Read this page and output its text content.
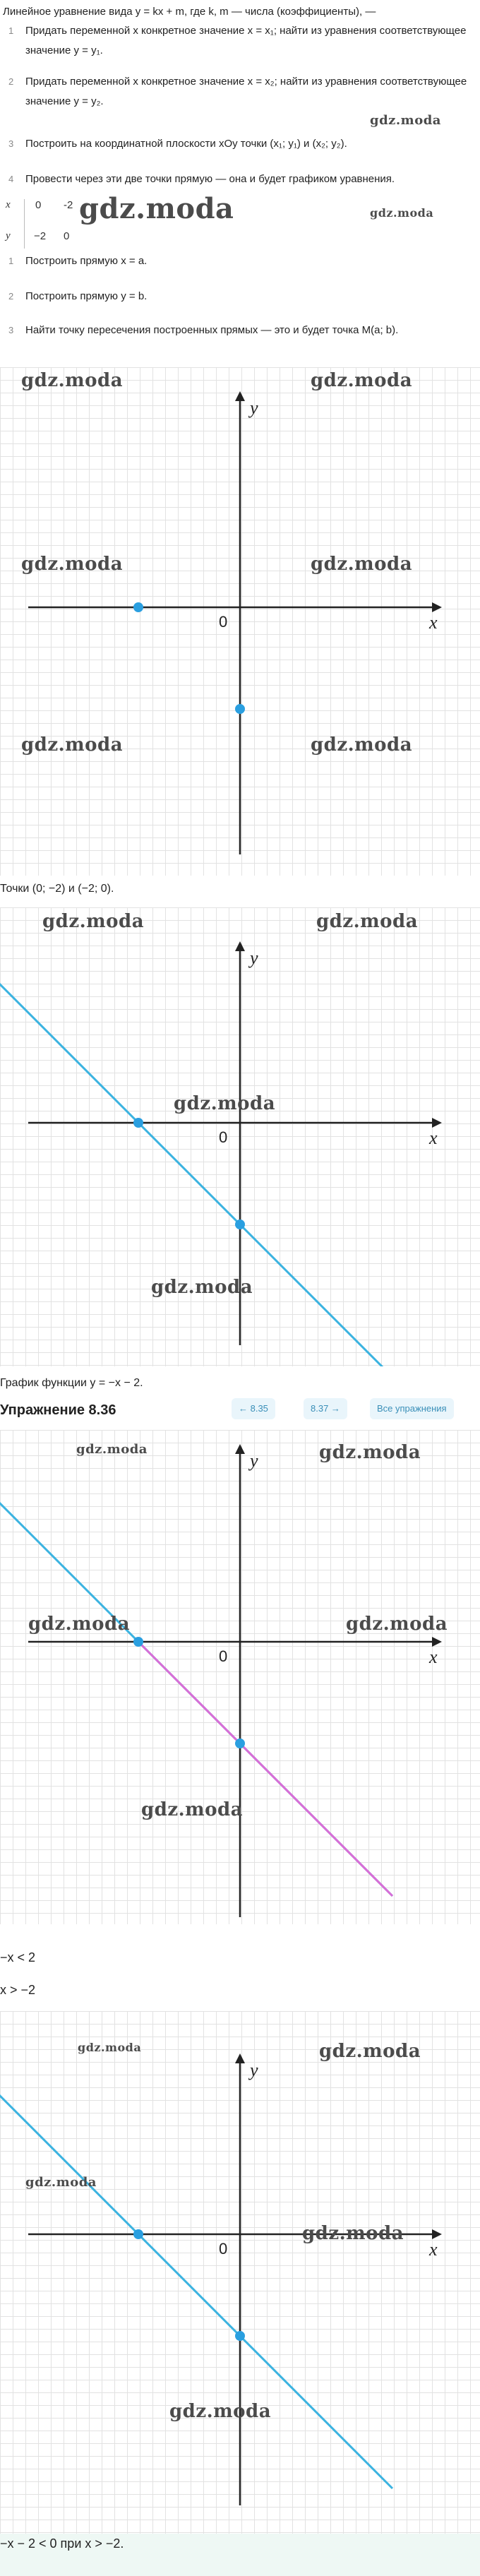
Линейное уравнение вида y = kx + m, где k, m — числа (коэффициенты), —
1	Придать переменной x конкретное значение x = x₁; найти из уравнения соответствующее значение y = y₁.
2	Придать переменной x конкретное значение x = x₂; найти из уравнения соответствующее значение y = y₂.
3	Построить на координатной плоскости xOy точки (x₁; y₁) и (x₂; y₂).
4	Провести через эти две точки прямую — она и будет графиком уравнения.
x 0 -2
y −2 0
1	Построить прямую x = a.
2	Построить прямую y = b.
3	Найти точку пересечения построенных прямых — это и будет точка M(a; b).
gdz.moda
gdz.moda	gdz.moda
x
y
0
gdz.moda	gdz.moda
gdz.moda	gdz.moda
gdz.moda	gdz.moda
Точки (0; −2) и (−2; 0).
x
y
0
gdz.moda	gdz.moda
gdz.moda
gdz.moda
График функции y = −x − 2.
Упражнение 8.36	← 8.35	8.37 →	Все упражнения
x
y
0
gdz.moda	gdz.moda
gdz.moda	gdz.moda
gdz.moda
−x < 2
x > −2
x
y
0
gdz.moda	gdz.moda
gdz.moda
gdz.moda
gdz.moda
−x − 2 < 0 при x > −2.
